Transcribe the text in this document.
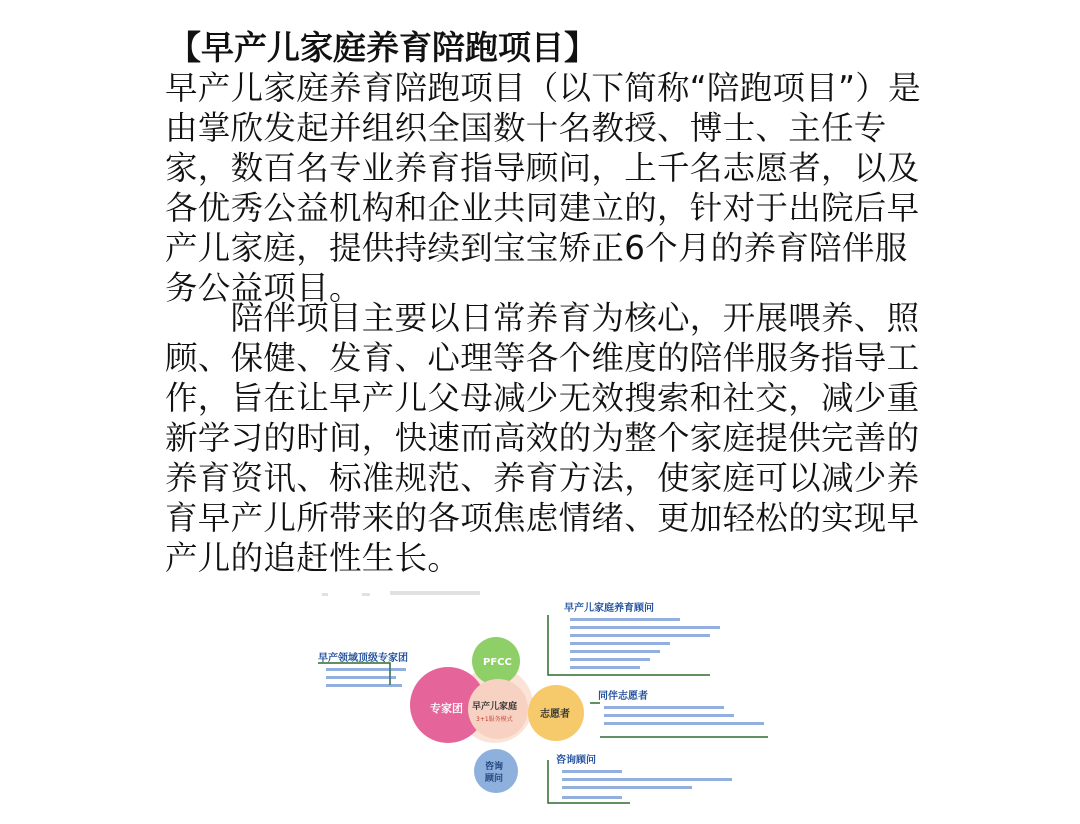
【早产儿家庭养育陪跑项目】
早产儿家庭养育陪跑项目（以下简称“陪跑项目”）是
由掌欣发起并组织全国数十名教授、博士、主任专
家，数百名专业养育指导顾问，上千名志愿者，以及
各优秀公益机构和企业共同建立的，针对于出院后早
产儿家庭，提供持续到宝宝矫正6个月的养育陪伴服
务公益项目。
　　陪伴项目主要以日常养育为核心，开展喂养、照
顾、保健、发育、心理等各个维度的陪伴服务指导工
作，旨在让早产儿父母减少无效搜索和社交，减少重
新学习的时间，快速而高效的为整个家庭提供完善的
养育资讯、标准规范、养育方法，使家庭可以减少养
育早产儿所带来的各项焦虑情绪、更加轻松的实现早
产儿的追赶性生长。
专家团
PFCC
志愿者
咨询
顾问
早产儿家庭
3+1服务模式
早产领域顶级专家团
早产儿家庭养育顾问
同伴志愿者
咨询顾问
